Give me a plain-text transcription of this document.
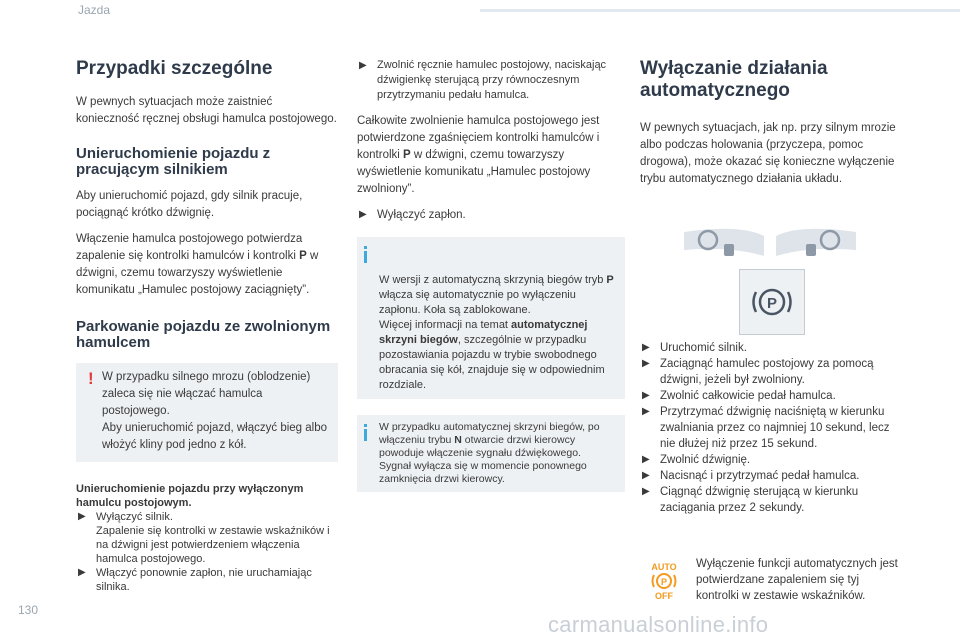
Jazda
Przypadki szczególne

W pewnych sytuacjach może zaistnieć konieczność ręcznej obsługi hamulca postojowego.

Unieruchomienie pojazdu z pracującym silnikiem

Aby unieruchomić pojazd, gdy silnik pracuje, pociągnąć krótko dźwignię.

Włączenie hamulca postojowego potwierdza zapalenie się kontrolki hamulców i kontrolki P w dźwigni, czemu towarzyszy wyświetlenie komunikatu „Hamulec postojowy zaciągnięty”.

Parkowanie pojazdu ze zwolnionym hamulcem
! W przypadku silnego mrozu (oblodzenie) zaleca się nie włączać hamulca postojowego.
Aby unieruchomić pojazd, włączyć bieg albo włożyć kliny pod jedno z kół.
Unieruchomienie pojazdu przy wyłączonym hamulcu postojowym.
▶ Wyłączyć silnik.
Zapalenie się kontrolki w zestawie wskaźników i na dźwigni jest potwierdzeniem włączenia hamulca postojowego.
▶ Włączyć ponownie zapłon, nie uruchamiając silnika.
▶ Zwolnić ręcznie hamulec postojowy, naciskając dźwigienkę sterującą przy równoczesnym przytrzymaniu pedału hamulca.

Całkowite zwolnienie hamulca postojowego jest potwierdzone zgaśnięciem kontrolki hamulców i kontrolki P w dźwigni, czemu towarzyszy wyświetlenie komunikatu „Hamulec postojowy zwolniony”.

▶ Wyłączyć zapłon.

W wersji z automatyczną skrzynią biegów tryb P włącza się automatycznie po wyłączeniu zapłonu. Koła są zablokowane.
Więcej informacji na temat automatycznej skrzyni biegów, szczególnie w przypadku pozostawiania pojazdu w trybie swobodnego obracania się kół, znajduje się w odpowiednim rozdziale.

W przypadku automatycznej skrzyni biegów, po włączeniu trybu N otwarcie drzwi kierowcy powoduje włączenie sygnału dźwiękowego. Sygnał wyłącza się w momencie ponownego zamknięcia drzwi kierowcy.
Wyłączanie działania automatycznego

W pewnych sytuacjach, jak np. przy silnym mrozie albo podczas holowania (przyczepa, pomoc drogowa), może okazać się konieczne wyłączenie trybu automatycznego działania układu.

P
▶ Uruchomić silnik.
▶ Zaciągnąć hamulec postojowy za pomocą dźwigni, jeżeli był zwolniony.
▶ Zwolnić całkowicie pedał hamulca.
▶ Przytrzymać dźwignię naciśniętą w kierunku zwalniania przez co najmniej 10 sekund, lecz nie dłużej niż przez 15 sekund.
▶ Zwolnić dźwignię.
▶ Nacisnąć i przytrzymać pedał hamulca.
▶ Ciągnąć dźwignię sterującą w kierunku zaciągania przez 2 sekundy.
AUTO
P
OFF
Wyłączenie funkcji automatycznych jest potwierdzane zapaleniem się tyj kontrolki w zestawie wskaźników.
130
carmanualsonline.info
